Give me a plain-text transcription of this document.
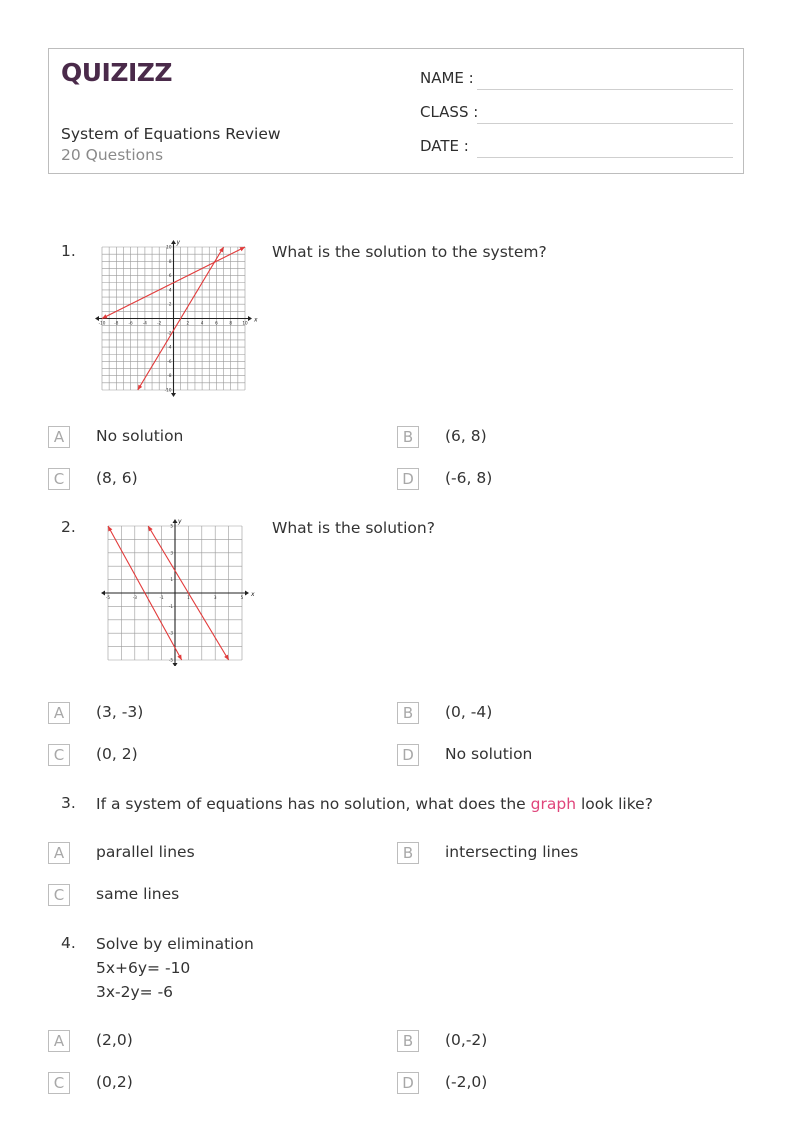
QUIZIZZ
System of Equations Review
20 Questions
NAME :
CLASS :
DATE :
1.
x
y
-10 -8 -6 -4 -2	2	4	6	8 10
-10
-8
-6
-4
-2
2
4
6
8
10	What is the solution to the system?
A	No solution	B	(6, 8)
C	(8, 6)	D	(-6, 8)
2.
x
y
-5	-3	-1	1	3	5
-5
-3
-1
1
3
5	What is the solution?
A	(3, -3)	B	(0, -4)
C	(0, 2)	D	No solution
3. If a system of equations has no solution, what does the graph look like?
A	parallel lines	B	intersecting lines
C	same lines
4. Solve by elimination
5x+6y= -10
3x-2y= -6
A	(2,0)	B	(0,-2)
C	(0,2)	D	(-2,0)
